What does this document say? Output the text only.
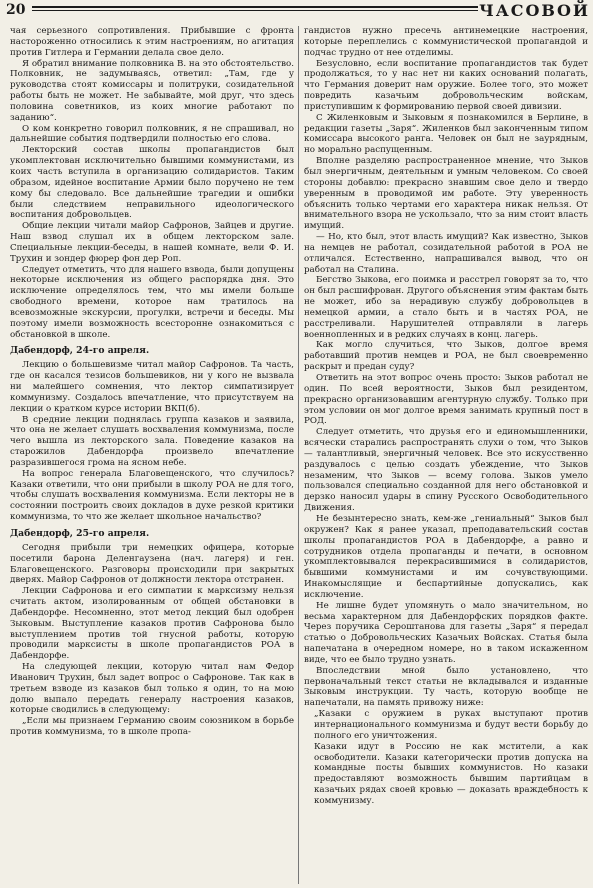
20	ЧАСОВОЙ

чая серьезного сопротивления. Прибывшие с фронта настороженно относились к этим настроениям, но агитация против Гитлера и Германии делала свое дело.

Я обратил внимание полковника В. на это обстоятельство. Полковник, не задумываясь, ответил: „Там, где у руководства стоят комиссары и политруки, созидательной работы быть не может. Не забывайте, мой друг, что здесь половина советников, из коих многие работают по заданию“.

О ком конкретно говорил полковник, я не спрашивал, но дальнейшие события подтвердили полностью его слова.

Лекторский состав школы пропагандистов был укомплектован исключительно бывшими коммунистами, из коих часть вступила в организацию солидаристов. Таким образом, идейное воспитание Армии было поручено не тем кому бы следовало. Все дальнейшие трагедии и ошибки были следствием неправильного идеологического воспитания добровольцев.

Общие лекции читали майор Сафронов, Зайцев и другие. Наш взвод слушал их в общем лекторском зале. Специальные лекции-беседы, в нашей комнате, вели Ф. И. Трухин и зондер фюрер фон дер Роп.

Следует отметить, что для нашего взвода, были допущены некоторые исключения из общего распорядка дня. Это исключение определялось тем, что мы имели больше свободного времени, которое нам тратилось на всевозможные экскурсии, прогулки, встречи и беседы. Мы поэтому имели возможность всесторонне ознакомиться с обстановкой в школе.

Дабендорф, 24-го апреля.

Лекцию о большевизме читал майор Сафронов. Та часть, где он касался тезисов большевиков, ни у кого не вызвала ни малейшего сомнения, что лектор симпатизирует коммунизму. Создалось впечатление, что присутствуем на лекции о кратком курсе истории ВКП(б).

В средние лекции поднялась группа казаков и заявила, что она не желает слушать восхваления коммунизма, после чего вышла из лекторского зала. Поведение казаков на старожилов Дабендорфа произвело впечатление разразившегося грома на ясном небе.

На вопрос генерала Благовещенского, что случилось? Казаки ответили, что они прибыли в школу РОА не для того, чтобы слушать восхваления коммунизма. Если лекторы не в состоянии построить своих докладов в духе резкой критики коммунизма, то что же желает школьное начальство?

Дабендорф, 25-го апреля.

Сегодня прибыли три немецких офицера, которые посетили барона Деленгаузена (нач. лагеря) и ген. Благовещенского. Разговоры происходили при закрытых дверях. Майор Сафронов от должности лектора отстранен.

Лекции Сафронова и его симпатии к марксизму нельзя считать актом, изолированным от общей обстановки в Дабендорфе. Несомненно, этот метод лекций был одобрен Зыковым. Выступление казаков против Сафронова было выступлением против той гнусной работы, которую проводили марксисты в школе пропагандистов РОА в Дабендорфе.

На следующей лекции, которую читал нам Федор Иванович Трухин, был задет вопрос о Сафронове. Так как в третьем взводе из казаков был только я один, то на мою долю выпало передать генералу настроения казаков, которые сводились в следующему:

„Если мы признаем Германию своим союзником в борьбе против коммунизма, то в школе пропа-

гандистов нужно пресечь антинемецкие настроения, которые переплелись с коммунистической пропагандой и подчас трудно от нее отделимы.

Безусловно, если воспитание пропагандистов так будет продолжаться, то у нас нет ни каких оснований полагать, что Германия доверит нам оружие. Более того, это может повредить казачьим добровольческим войскам, приступившим к формированию первой своей дивизии.

С Жиленковым и Зыковым я познакомился в Берлине, в редакции газеты „Заря“. Жиленков был законченным типом комиссара высокого ранга. Человек он был не заурядным, но морально распущенным.

Вполне разделяю распространенное мнение, что Зыков был энергичным, деятельным и умным человеком. Со своей стороны добавлю: прекрасно знавшим свое дело и твердо уверенным в проводимой им работе. Эту уверенность объяснить только чертами его характера никак нельзя. От внимательного взора не ускользало, что за ним стоит власть имущий.

— Но, кто был, этот власть имущий? Как известно, Зыков на немцев не работал, созидательной работой в РОА не отличался. Естественно, напрашивался вывод, что он работал на Сталина.

Бегство Зыкова, его поимка и расстрел говорят за то, что он был расшифрован. Другого объяснения этим фактам быть не может, ибо за нерадивую службу добровольцев в немецкой армии, а стало быть и в частях РОА, не расстреливали. Нарушителей отправляли в лагерь военнопленных и в редких случаях в конц. лагерь.

Как могло случиться, что Зыков, долгое время работавший против немцев и РОА, не был своевременно раскрыт и предан суду?

Ответить на этот вопрос очень просто: Зыков работал не один. По всей вероятности, Зыков был резидентом, прекрасно организовавшим агентурную службу. Только при этом условии он мог долгое время занимать крупный пост в РОД.

Следует отметить, что друзья его и единомышленники, всячески старались распространять слухи о том, что Зыков — талантливый, энергичный человек. Все это искусственно раздувалось с целью создать убеждение, что Зыков незаменим, что Зыков — всему голова. Зыков умело пользовался специально созданной для него обстановкой и дерзко наносил удары в спину Русского Освободительного Движения.

Не безынтересно знать, кем-же „гениальный“ Зыков был окружен? Как я ранее указал, преподавательский состав школы пропагандистов РОА в Дабендорфе, а равно и сотрудников отдела пропаганды и печати, в основном укомплектовывался перекрасившимися в солидаристов, бывшими коммунистами и им сочувствующими. Инакомыслящие и беспартийные допускались, как исключение.

Не лишне будет упомянуть о мало значительном, но весьма характерном для Дабендорфских порядков факте. Через поручика Сероштанова для газеты „Заря“ я передал статью о Добровольческих Казачьих Войсках. Статья была напечатана в очередном номере, но в таком искаженном виде, что ее было трудно узнать.

Впоследствии мной было установлено, что первоначальный текст статьи не вкладывался и изданные Зыковым инструкции. Ту часть, которую вообще не напечатали, на память привожу ниже:

„Казаки с оружием в руках выступают против интернационального коммунизма и будут вести борьбу до полного его уничтожения.

Казаки идут в Россию не как мстители, а как освободители. Казаки категорически против допуска на командные посты бывших коммунистов. Но казаки предоставляют возможность бывшим партийцам в казачьих рядах своей кровью — доказать враждебность к коммунизму.
